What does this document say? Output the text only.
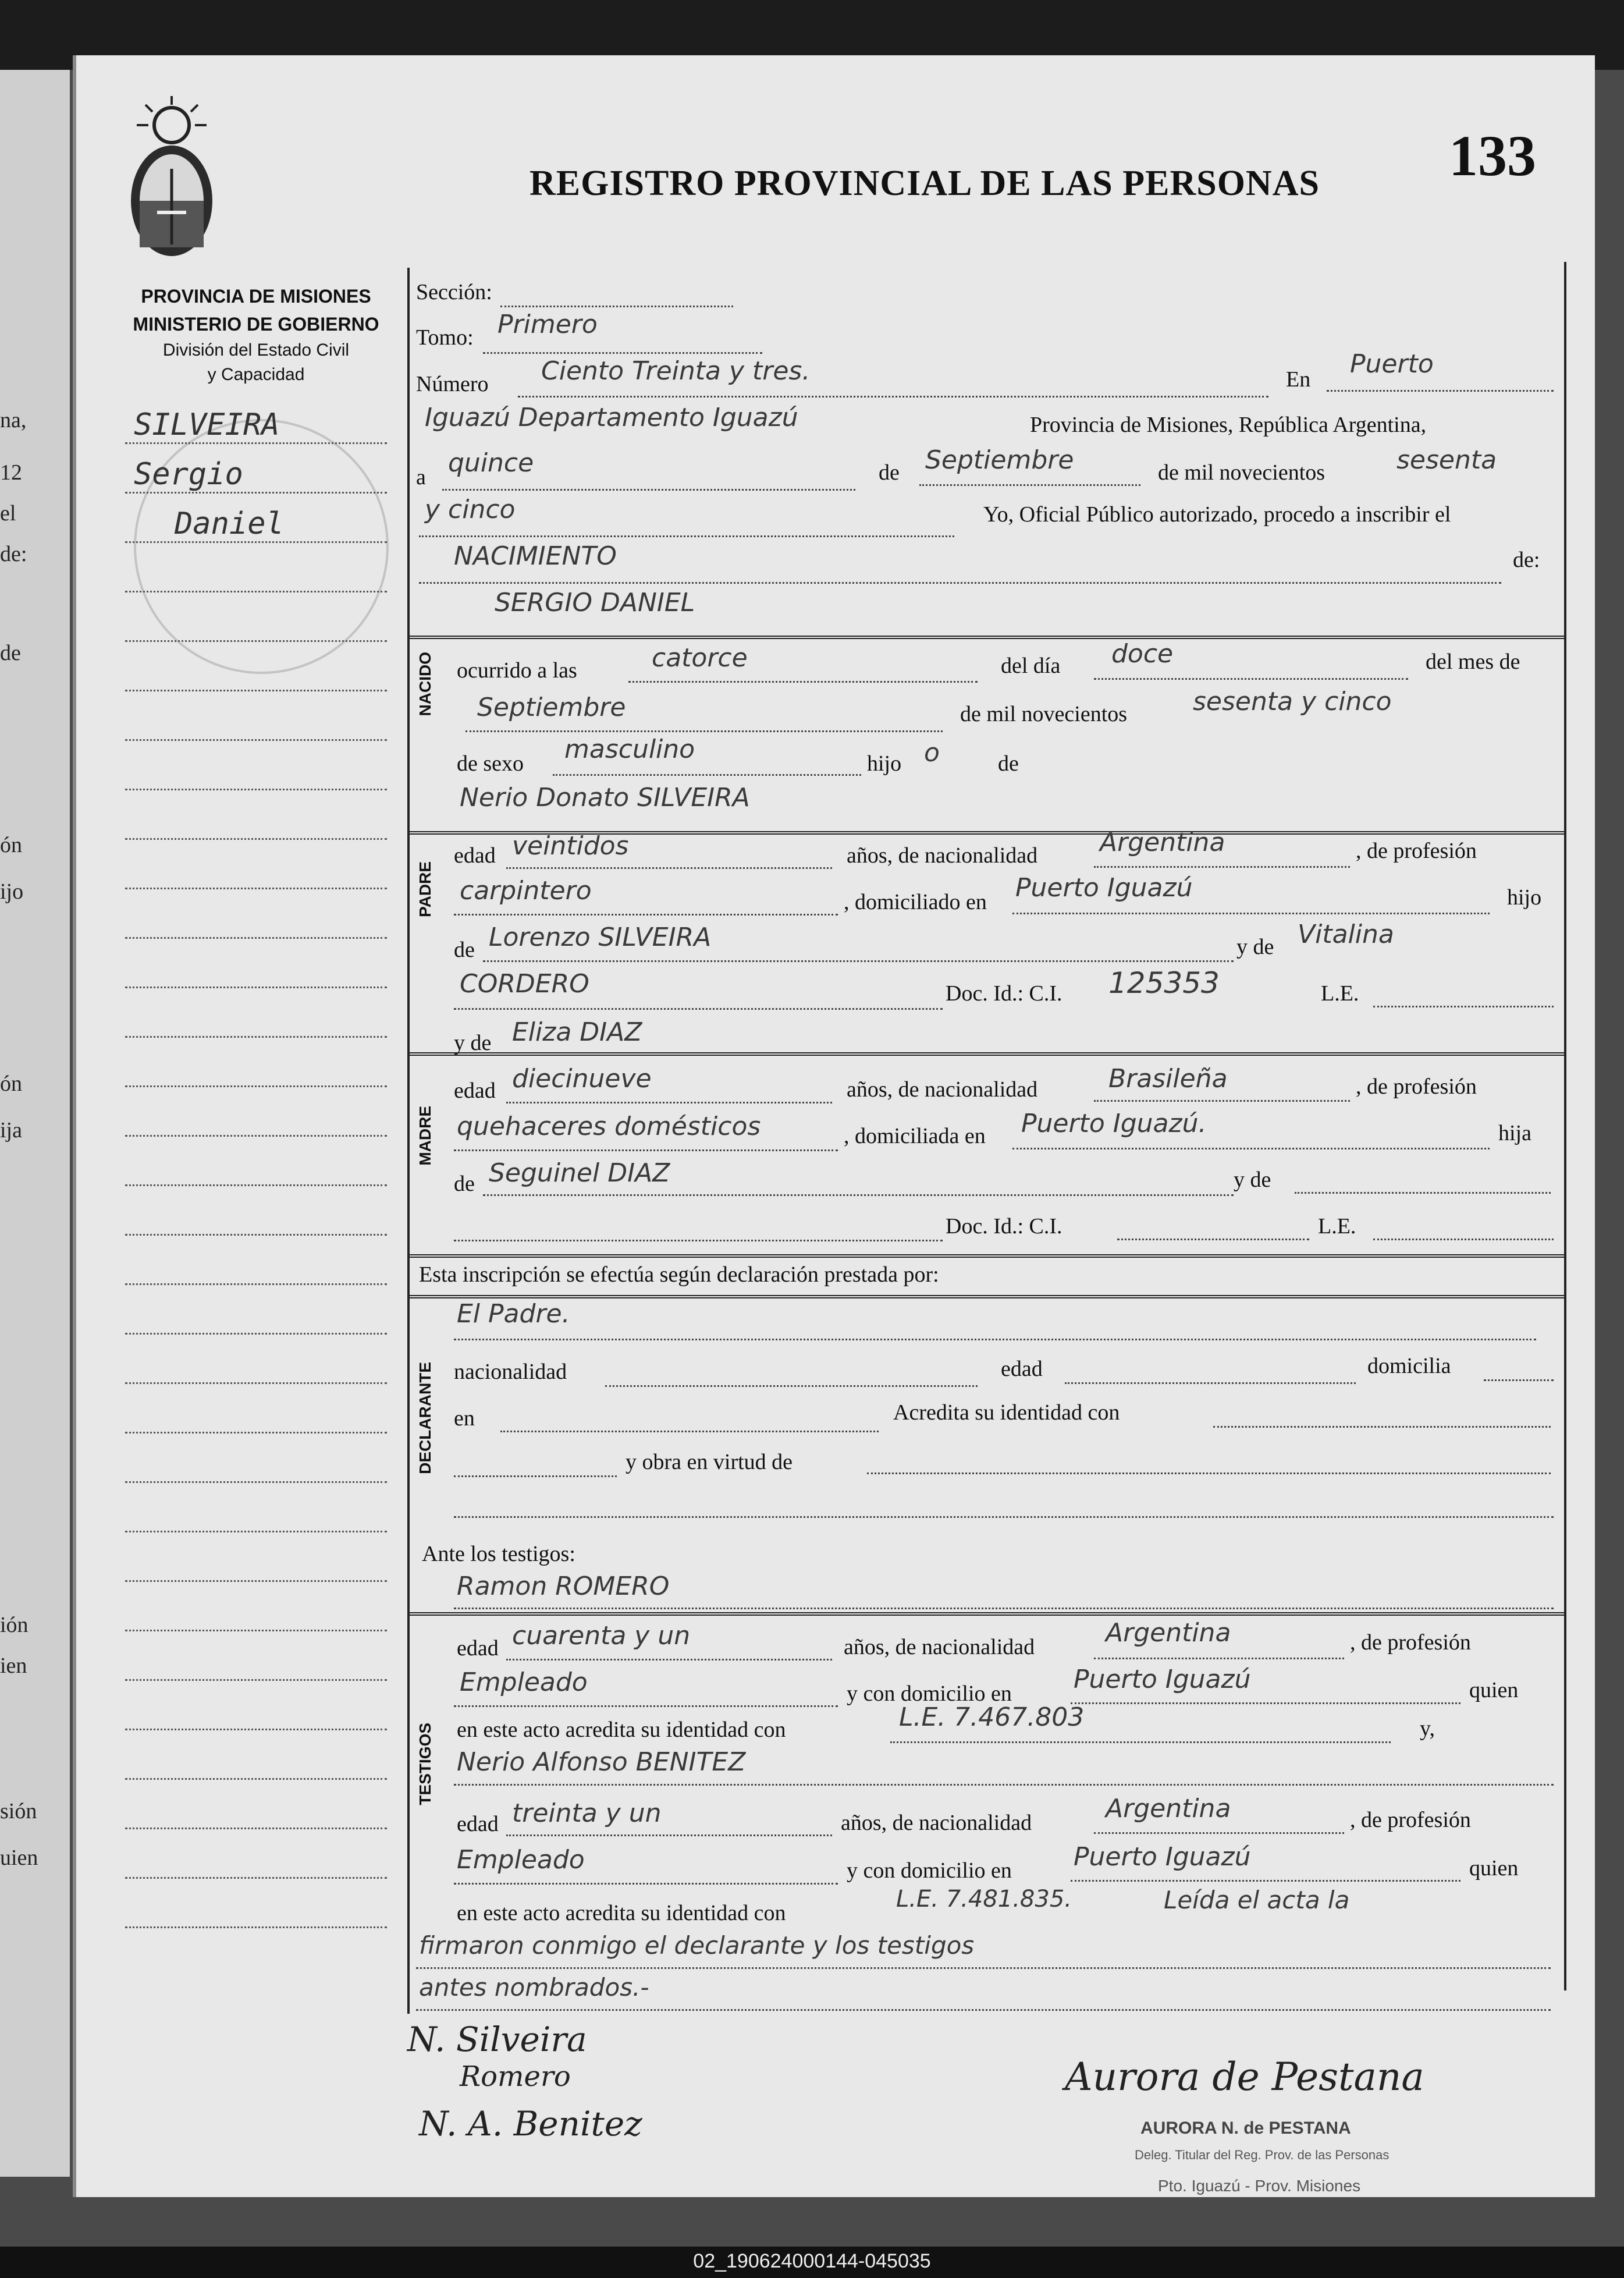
na,
12
el
de:
de
ón
ijo
ón
ija
ión
ien
sión
uien
PROVINCIA DE MISIONES
MINISTERIO DE GOBIERNO
División del Estado Civil
y Capacidad
REGISTRO PROVINCIAL DE LAS PERSONAS 133
SILVEIRA
Sergio
Daniel
Sección:
Tomo: Primero
Número Ciento Treinta y tres.	En
Puerto
Iguazú Departamento Iguazú	Provincia de Misiones, República Argentina,
a quince	de Septiembre	de mil novecientos	sesenta
y cinco	Yo, Oficial Público autorizado, procedo a inscribir el
NACIMIENTO	de:
SERGIO DANIEL
NACIDO ocurrido a las	catorce	del día doce	del mes de
Septiembre	de mil novecientos	sesenta y cinco
de sexo masculino	hijo o	de
Nerio Donato SILVEIRA
PADRE
edad veintidos	años, de nacionalidad Argentina	, de profesión
carpintero	, domiciliado en Puerto Iguazú	hijo
de Lorenzo SILVEIRA	y de Vitalina
CORDERO	Doc. Id.: C.I. 125353	L.E.
y de Eliza DIAZ
MADRE
edad diecinueve	años, de nacionalidad	Brasileña	, de profesión
quehaceres domésticos	, domiciliada en Puerto Iguazú.	hija
de Seguinel DIAZ	y de
Doc. Id.: C.I.	L.E.
Esta inscripción se efectúa según declaración prestada por:
DECLARANTE
El Padre.
nacionalidad	edad	domicilia
en	Acredita su identidad con
y obra en virtud de
Ante los testigos:
Ramon ROMERO
TESTIGOS
edad cuarenta y un	años, de nacionalidad	Argentina	, de profesión
Empleado	y con domicilio en Puerto Iguazú	quien
en este acto acredita su identidad con	L.E. 7.467.803	y,
Nerio Alfonso BENITEZ
edad treinta y un	años, de nacionalidad	Argentina	, de profesión
Empleado	y con domicilio en Puerto Iguazú	quien
en este acto acredita su identidad con
L.E. 7.481.835.	Leída el acta la
firmaron conmigo el declarante y los testigos
antes nombrados.-
N. Silveira
Romero
N. A. Benitez
Aurora de Pestana
AURORA N. de PESTANA
Deleg. Titular del Reg. Prov. de las Personas
Pto. Iguazú - Prov. Misiones
02_190624000144-045035
